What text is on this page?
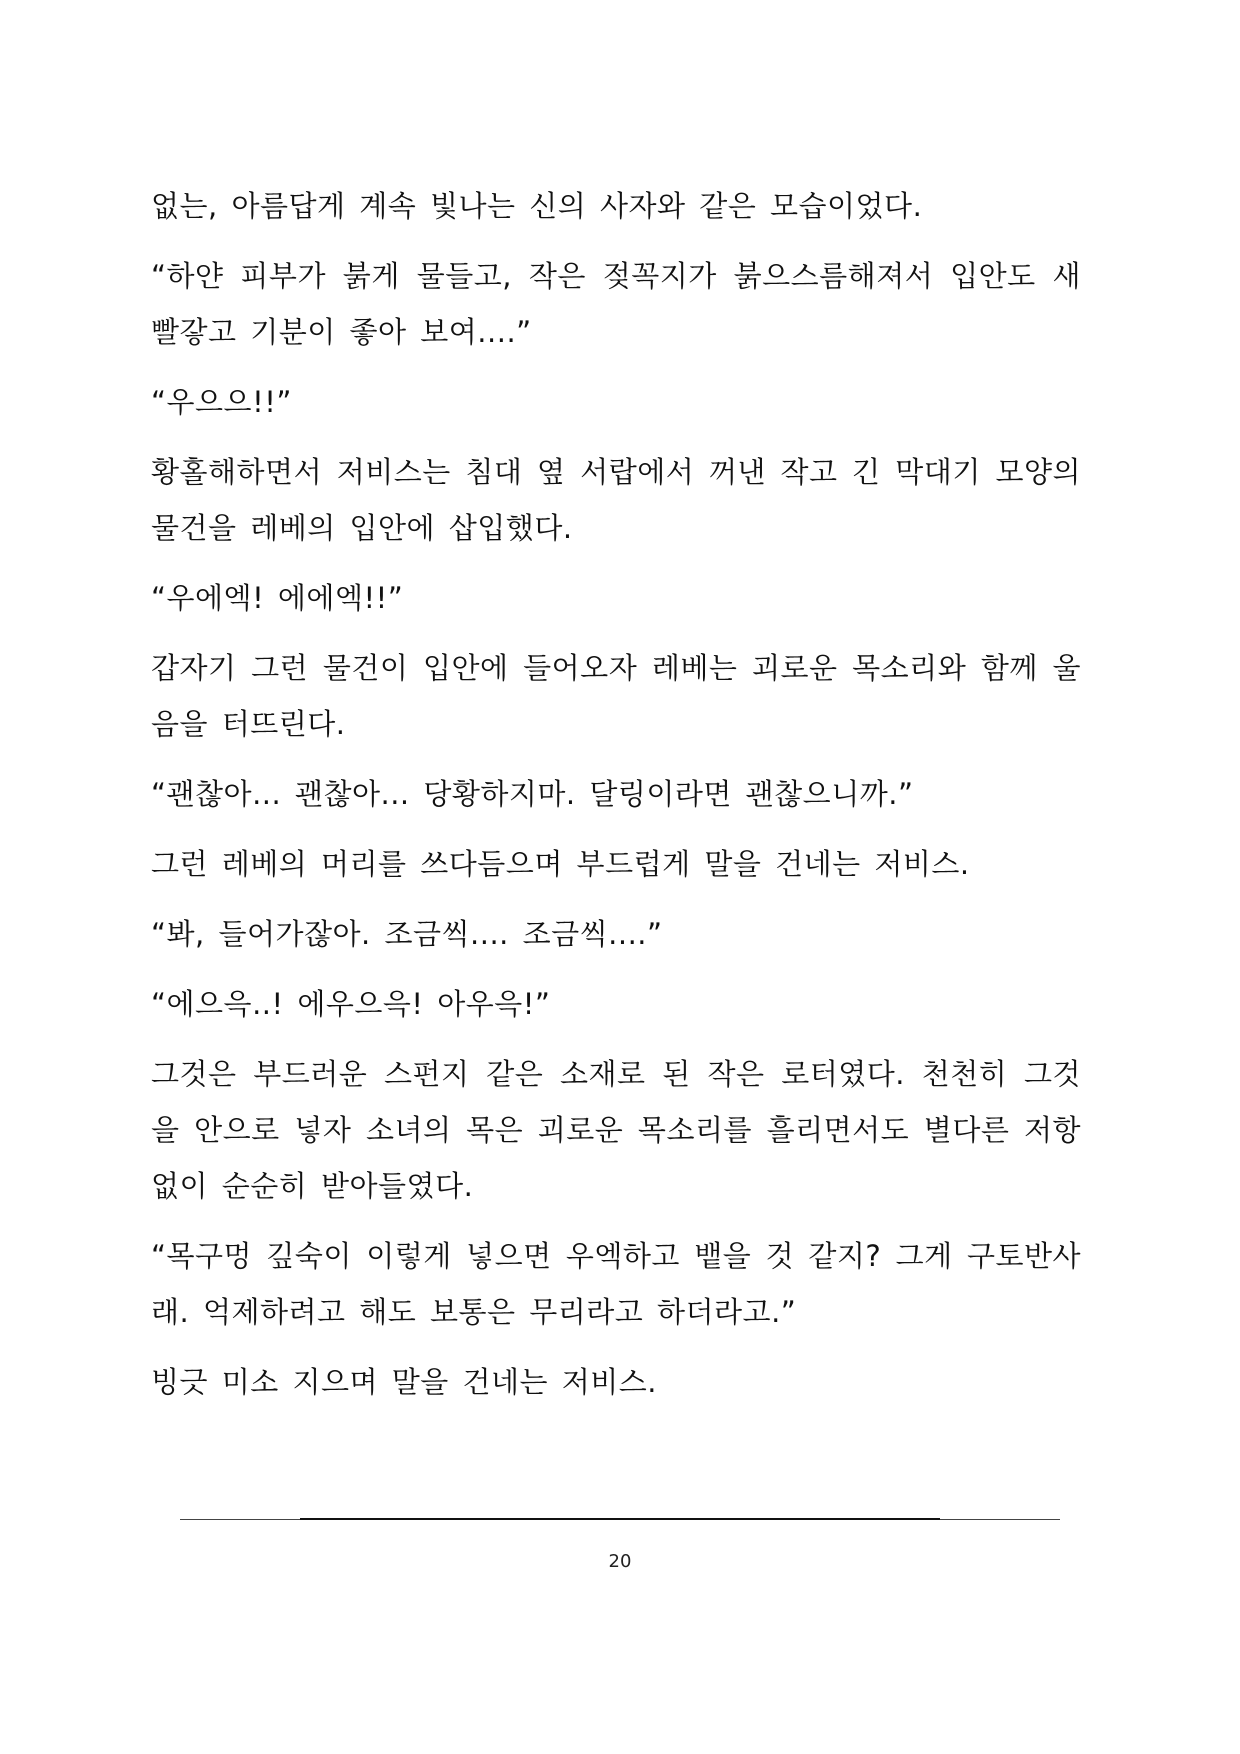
없는, 아름답게 계속 빛나는 신의 사자와 같은 모습이었다.

“하얀 피부가 붉게 물들고, 작은 젖꼭지가 붉으스름해져서 입안도 새빨갛고 기분이 좋아 보여....”

“우으으!!”

황홀해하면서 저비스는 침대 옆 서랍에서 꺼낸 작고 긴 막대기 모양의 물건을 레베의 입안에 삽입했다.

“우에엑! 에에엑!!”

갑자기 그런 물건이 입안에 들어오자 레베는 괴로운 목소리와 함께 울음을 터뜨린다.

“괜찮아... 괜찮아... 당황하지마. 달링이라면 괜찮으니까.”

그런 레베의 머리를 쓰다듬으며 부드럽게 말을 건네는 저비스.

“봐, 들어가잖아. 조금씩.... 조금씩....”

“에으윽..! 에우으윽! 아우윽!”

그것은 부드러운 스펀지 같은 소재로 된 작은 로터였다. 천천히 그것을 안으로 넣자 소녀의 목은 괴로운 목소리를 흘리면서도 별다른 저항없이 순순히 받아들였다.

“목구멍 깊숙이 이렇게 넣으면 우엑하고 뱉을 것 같지? 그게 구토반사래. 억제하려고 해도 보통은 무리라고 하더라고.”

빙긋 미소 지으며 말을 건네는 저비스.

20
